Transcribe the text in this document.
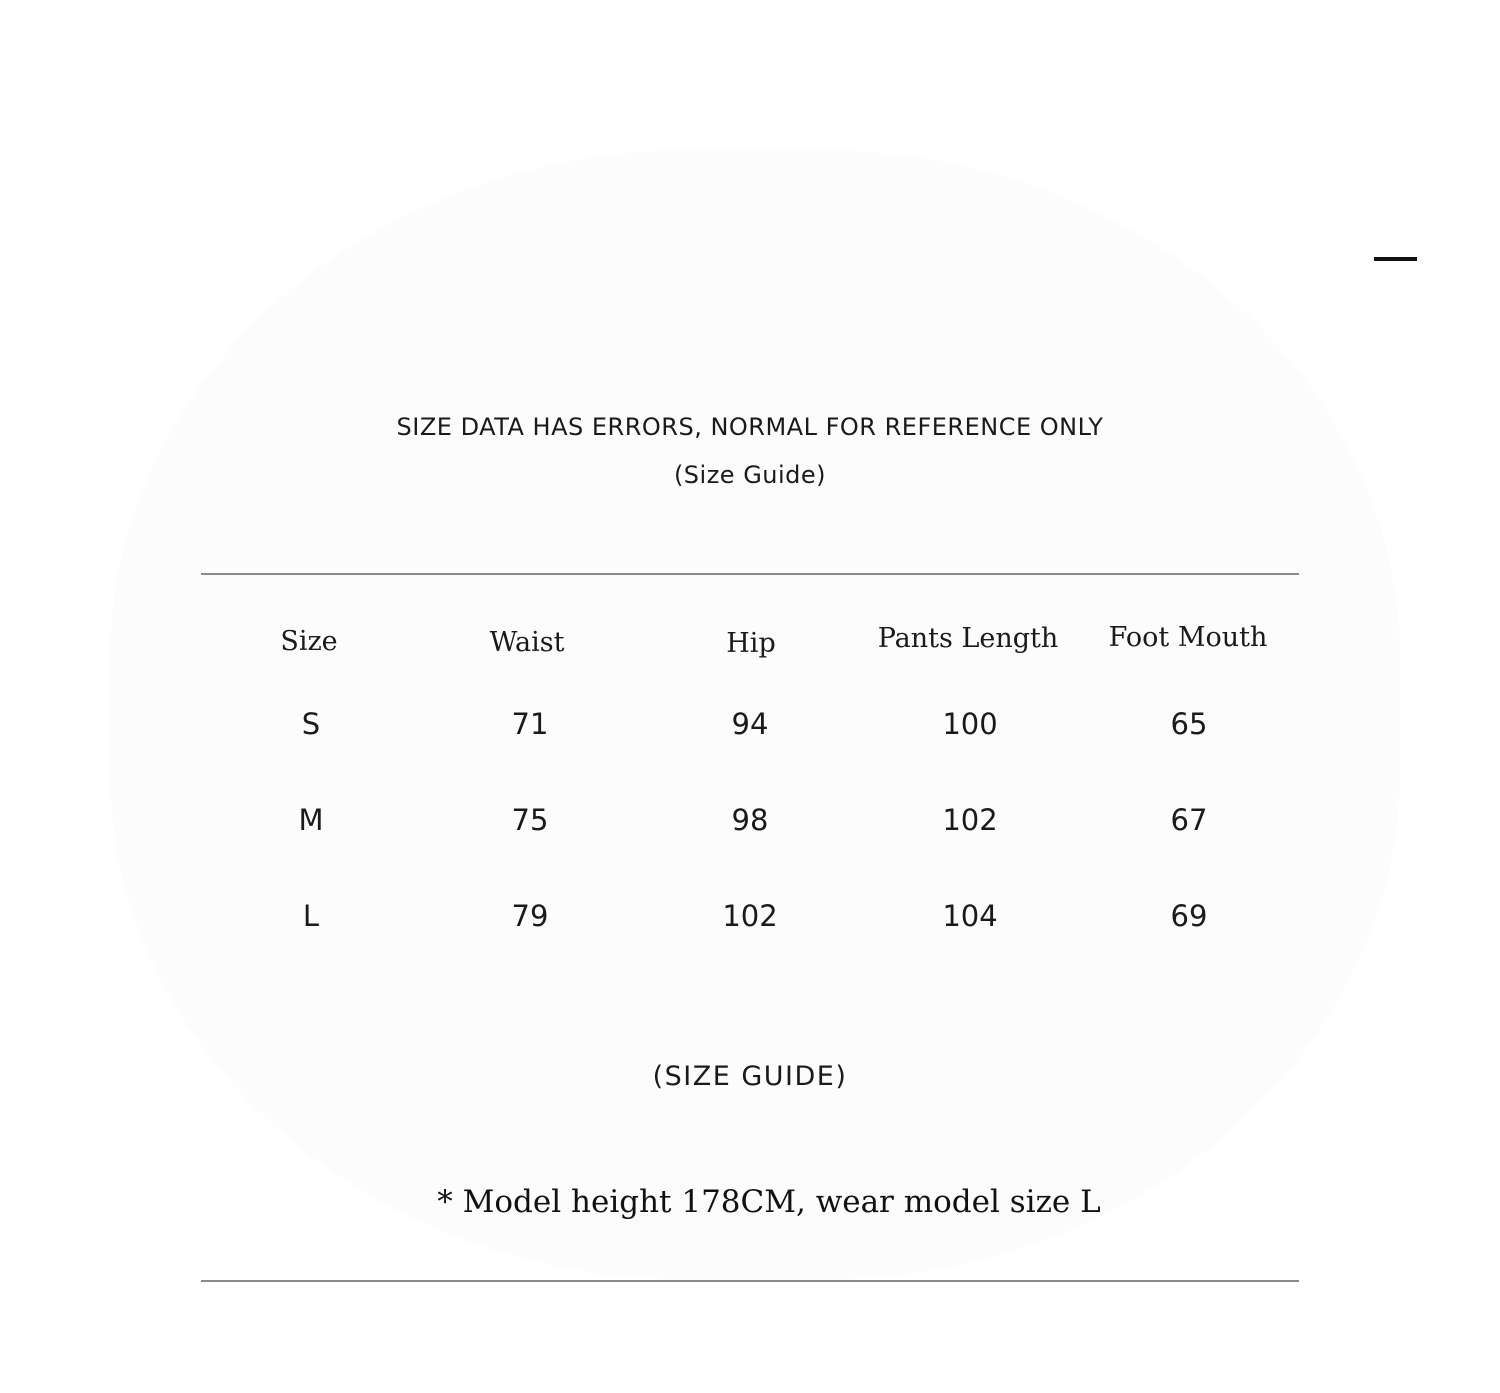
SIZE DATA HAS ERRORS, NORMAL FOR REFERENCE ONLY
(Size Guide)
Size	Waist	Hip	Pants Length	Foot Mouth
S	71	94	100	65
M	75	98	102	67
L	79	102	104	69
(SIZE GUIDE)
* Model height 178CM, wear model size L
